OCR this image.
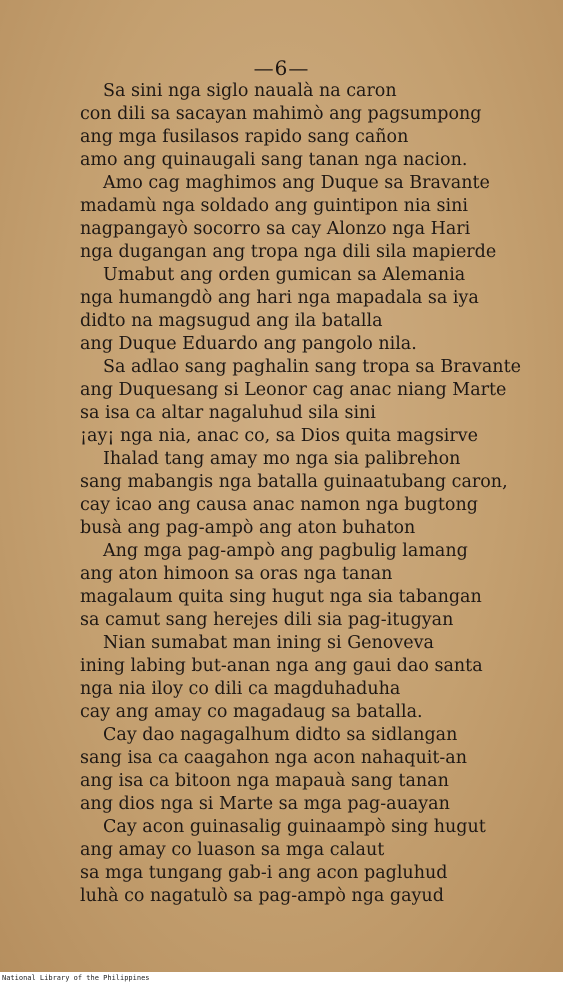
—6—
Sa sini nga siglo naualà na caron
con dili sa sacayan mahimò ang pagsumpong
ang mga fusilasos rapido sang cañon
amo ang quinaugali sang tanan nga nacion.
Amo cag maghimos ang Duque sa Bravante
madamù nga soldado ang guintipon nia sini
nagpangayò socorro sa cay Alonzo nga Hari
nga dugangan ang tropa nga dili sila mapierde
Umabut ang orden gumican sa Alemania
nga humangdò ang hari nga mapadala sa iya
didto na magsugud ang ila batalla
ang Duque Eduardo ang pangolo nila.
Sa adlao sang paghalin sang tropa sa Bravante
ang Duquesang si Leonor cag anac niang Marte
sa isa ca altar nagaluhud sila sini
¡ay¡ nga nia, anac co, sa Dios quita magsirve
Ihalad tang amay mo nga sia palibrehon
sang mabangis nga batalla guinaatubang caron,
cay icao ang causa anac namon nga bugtong
busà ang pag-ampò ang aton buhaton
Ang mga pag-ampò ang pagbulig lamang
ang aton himoon sa oras nga tanan
magalaum quita sing hugut nga sia tabangan
sa camut sang herejes dili sia pag-itugyan
Nian sumabat man ining si Genoveva
ining labing but-anan nga ang gaui dao santa
nga nia iloy co dili ca magduhaduha
cay ang amay co magadaug sa batalla.
Cay dao nagagalhum didto sa sidlangan
sang isa ca caagahon nga acon nahaquit-an
ang isa ca bitoon nga mapauà sang tanan
ang dios nga si Marte sa mga pag-auayan
Cay acon guinasalig guinaampò sing hugut
ang amay co luason sa mga calaut
sa mga tungang gab-i ang acon pagluhud
luhà co nagatulò sa pag-ampò nga gayud
National Library of the Philippines
